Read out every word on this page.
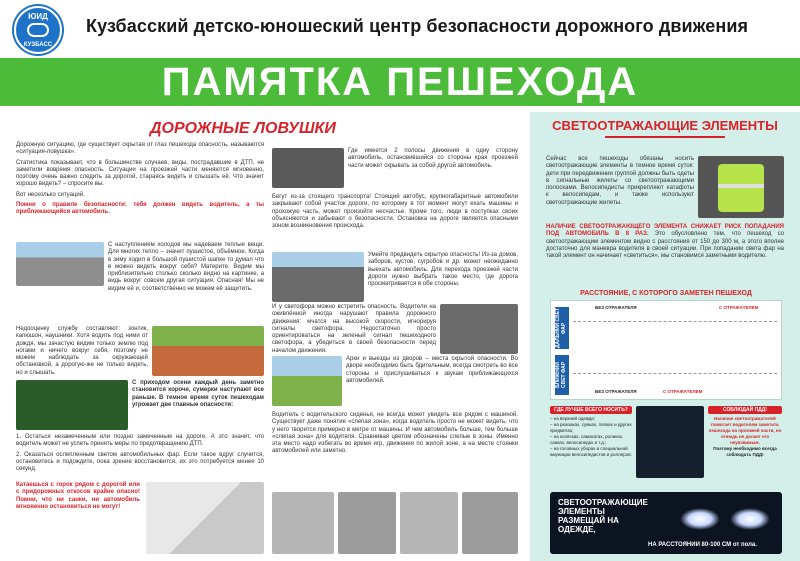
ЮИД
КУЗБАСС
Кузбасский детско-юношеский центр безопасности дорожного движения
ПАМЯТКА ПЕШЕХОДА
ДОРОЖНЫЕ ЛОВУШКИ

Дорожную ситуацию, где существует скрытая от глаз пешехода опасность, называются «ситуация-ловушка».

Статистика показывает, что в большинстве случаев, виды, пострадавшие в ДТП, не заметили вовремя опасность. Ситуации на проезжей части меняются мгновенно, поэтому очень важно следить за дорогой, стараясь видеть и слышать её. Что значит хорошо видеть? – спросите вы.

Вот несколько ситуаций.

Помни о правиле безопасности: тебя должен видеть водитель, а ты приближающийся автомобиль.

С наступлением холодов мы надеваем теплые вещи. Для многих тепло – значит пушистое, объёмное. Когда в зиму ходил в большой пушистой шапке то думал что в можно видеть вокруг себя? Материте. Видим мы приблизительно столько сколько видно на картинке, а видь вокруг совсем другая ситуация. Опасная! Мы не видим её и, соответственно не можем её защитить.

Недооценку службу составляют: зонтик, капюшон, наушники. Хотя водить под ними от дождя, мы зачастую видим только землю под ногами и ничего вокруг себя, поэтому не можем наблюдать за окружающей обстановкой, а дорогую-же не только видеть, но и слышать.

С приходом осени каждый день заметно становится короче, сумерки наступают все раньше. В темное время суток пешеходам угрожает две главные опасности:

1. Остаться незамеченным или поздно замеченным на дороге. А это значит, что водитель может не успеть принять меры по предотвращению ДТП.

2. Оказаться ослепленным светом автомобильных фар. Если такое вдруг случится, остановитесь и подождите, пока зрение восстановится, их это потребуется менее 10 секунд.

Катаешься с горок рядом с дорогой или с придорожных откосов крайне опасно! Помни, что ни санки, ни автомобиль мгновенно остановиться не могут!

Где имеется 2 полосы движения в одну сторону автомобиль, остановившийся со стороны края проезжей части может скрывать за собой другой автомобиль.

Бегут из-за стоящего транспорта! Стоящий автобус, крупногабаритные автомобили закрывают собой участок дороги, по которому в тот момент могут ехать машины и прохожую часть, может произойти несчастье. Кроме того, люди в поступках своих объясняются и забывают о безопасности. Остановка на дороге является опасными зоном возникновения происхода.

Умейте предвидеть скрытую опасность! Из-за домов, заборов, кустов, сугробов и др. может неожиданно выехать автомобиль. Для перехода проезжей части дороги нужно выбрать такое место, где дорога просматривается в обе стороны.

И у светофора можно встретить опасность. Водители на оживлённой иногда нарушают правила дорожного движения: мчатся на высокой скорости, игнорируя сигналы светофора. Недостаточно просто ориентироваться на зеленый сигнал пешеходного светофора, а убедиться в своей безопасности перед началом движения.

Арки и выезды из дворов – места скрытой опасности. Во дворе необходимо быть бдительным, всегда смотреть во все стороны и прислушиваться к звукам приближающихся автомобилей.

Водитель с водительского сиденья, не всегда может увидеть все рядом с машиной. Существует даже понятие «слепая зона», когда водитель просто не может видеть, что у него творится примерно в метре от машины. И чем автомобиль больше, тем больше «слепая зона» для водителя. Сравнивая цветом обозначены слепые в зоны. Именно эта место надо избегать во время игр, движения по жилой зоне, а на месте стоянки автомобилей или заметно.

СВЕТООТРАЖАЮЩИЕ ЭЛЕМЕНТЫ
Сейчас все пешеходы обязаны носить светоотражающие элементы в темное время суток: дети при передвижении группой должны быть одеты в сигнальные жилеты со светоотражающими полосками. Велосипедисты прикрепляют катафоты к велосипедам, и также используют светоотражающие жилеты.
НАЛИЧИЕ СВЕТООТРАЖАЮЩЕГО ЭЛЕМЕНТА СНИЖАЕТ РИСК ПОПАДАНИЯ ПОД АВТОМОБИЛЬ В 8 РАЗ. Это обусловлено тем, что пешеход со светоотражающим элементом видно с расстояния от 150 до 300 м, а этого вполне достаточно для маневра водителя в своей ситуации. При попадании света фар на такой элемент он начинает «светиться», мы становимся заметными водителю.
РАССТОЯНИЕ, С КОТОРОГО ЗАМЕТЕН ПЕШЕХОД
ДАЛЬНИЙ СВЕТ ФАР
БЛИЖНИЙ СВЕТ ФАР
БЕЗ ОТРАЖАТЕЛЯ	С ОТРАЖАТЕЛЕМ
БЕЗ ОТРАЖАТЕЛЯ	С ОТРАЖАТЕЛЕМ
ГДЕ ЛУЧШЕ ВСЕГО НОСИТЬ?
– на верхней одежде;
– на рюкзаках, сумках, папках и других предметах;
– на колясках, самокатах, роликах, санках, велосипедах и т.д.;
– на головных уборах и специальной амуниции велосипедистов и роллеров.
СОБЛЮДАЙ ПДД!
Наличие светоотражателей помогает водителям заметить пешехода на проезжей части, но отнюдь не делает его неуязвимым.
Поэтому необходимо всегда соблюдать ПДД!
СВЕТООТРАЖАЮЩИЕ ЭЛЕМЕНТЫ РАЗМЕЩАЙ НА ОДЕЖДЕ,
НА РАССТОЯНИИ 80-100 СМ от пола.
